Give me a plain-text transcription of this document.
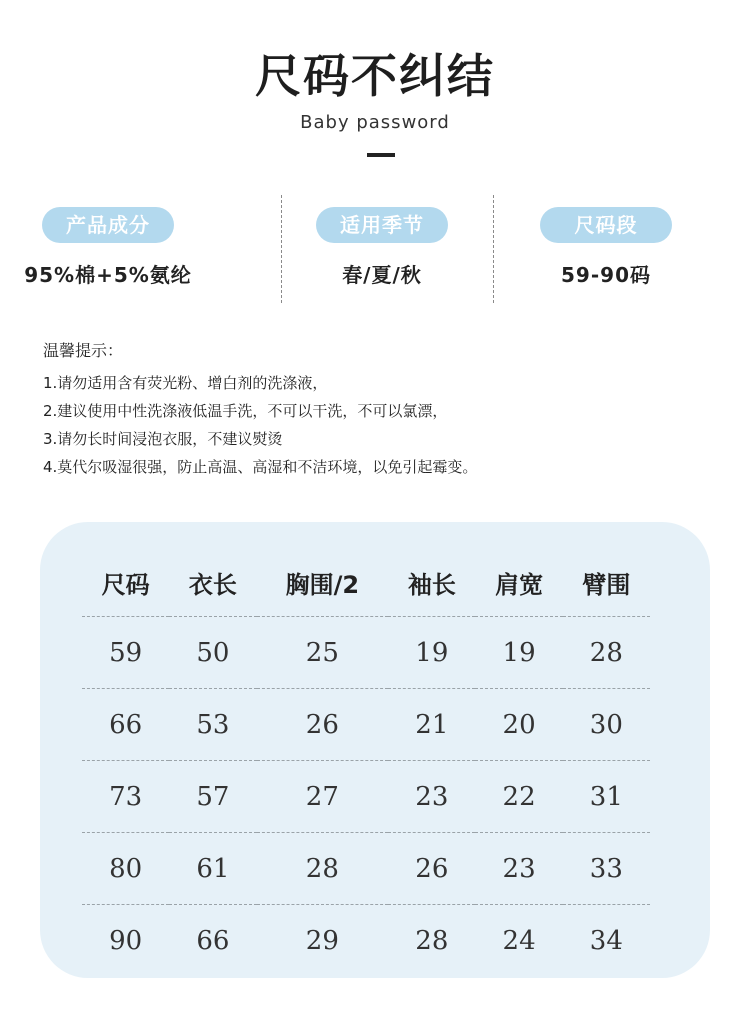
尺码不纠结
Baby password
产品成分
95%棉+5%氨纶
适用季节
春/夏/秋
尺码段
59-90码
温馨提示：
1.请勿适用含有荧光粉、增白剂的洗涤液，
2.建议使用中性洗涤液低温手洗，不可以干洗，不可以氯漂，
3.请勿长时间浸泡衣服，不建议熨烫
4.莫代尔吸湿很强，防止高温、高湿和不洁环境，以免引起霉变。
尺码	衣长	胸围/2	袖长	肩宽	臂围
59	50	25	19	19	28
66	53	26	21	20	30
73	57	27	23	22	31
80	61	28	26	23	33
90	66	29	28	24	34
